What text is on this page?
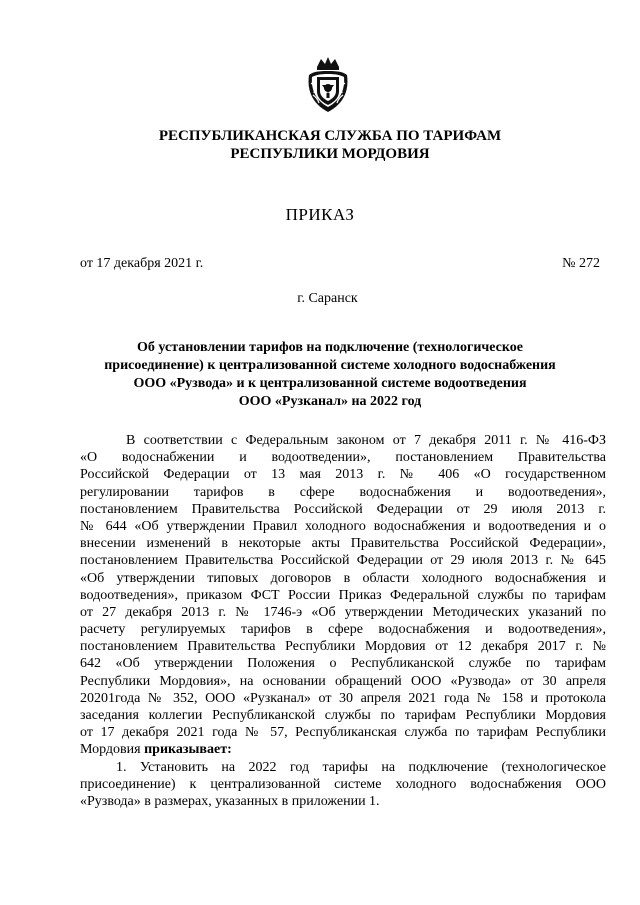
РЕСПУБЛИКАНСКАЯ СЛУЖБА ПО ТАРИФАМ
РЕСПУБЛИКИ МОРДОВИЯ
ПРИКАЗ
от 17 декабря 2021 г.	№ 272
г. Саранск
Об установлении тарифов на подключение (технологическое
присоединение) к централизованной системе холодного водоснабжения
ООО «Рузвода» и к централизованной системе водоотведения
ООО «Рузканал» на 2022 год
В соответствии с Федеральным законом от 7 декабря 2011 г. № 416-ФЗ
«О водоснабжении и водоотведении», постановлением Правительства
Российской Федерации от 13 мая 2013 г. № 406 «О государственном
регулировании тарифов в сфере водоснабжения и водоотведения»,
постановлением Правительства Российской Федерации от 29 июля 2013 г.
№ 644 «Об утверждении Правил холодного водоснабжения и водоотведения и о
внесении изменений в некоторые акты Правительства Российской Федерации»,
постановлением Правительства Российской Федерации от 29 июля 2013 г. № 645
«Об утверждении типовых договоров в области холодного водоснабжения и
водоотведения», приказом ФСТ России Приказ Федеральной службы по тарифам
от 27 декабря 2013 г. № 1746-э «Об утверждении Методических указаний по
расчету регулируемых тарифов в сфере водоснабжения и водоотведения»,
постановлением Правительства Республики Мордовия от 12 декабря 2017 г. №
642 «Об утверждении Положения о Республиканской службе по тарифам
Республики Мордовия», на основании обращений ООО «Рузвода» от 30 апреля
20201года № 352, ООО «Рузканал» от 30 апреля 2021 года № 158 и протокола
заседания коллегии Республиканской службы по тарифам Республики Мордовия
от 17 декабря 2021 года № 57, Республиканская служба по тарифам Республики
Мордовия приказывает:
1. Установить на 2022 год тарифы на подключение (технологическое
присоединение) к централизованной системе холодного водоснабжения ООО
«Рузвода» в размерах, указанных в приложении 1.
